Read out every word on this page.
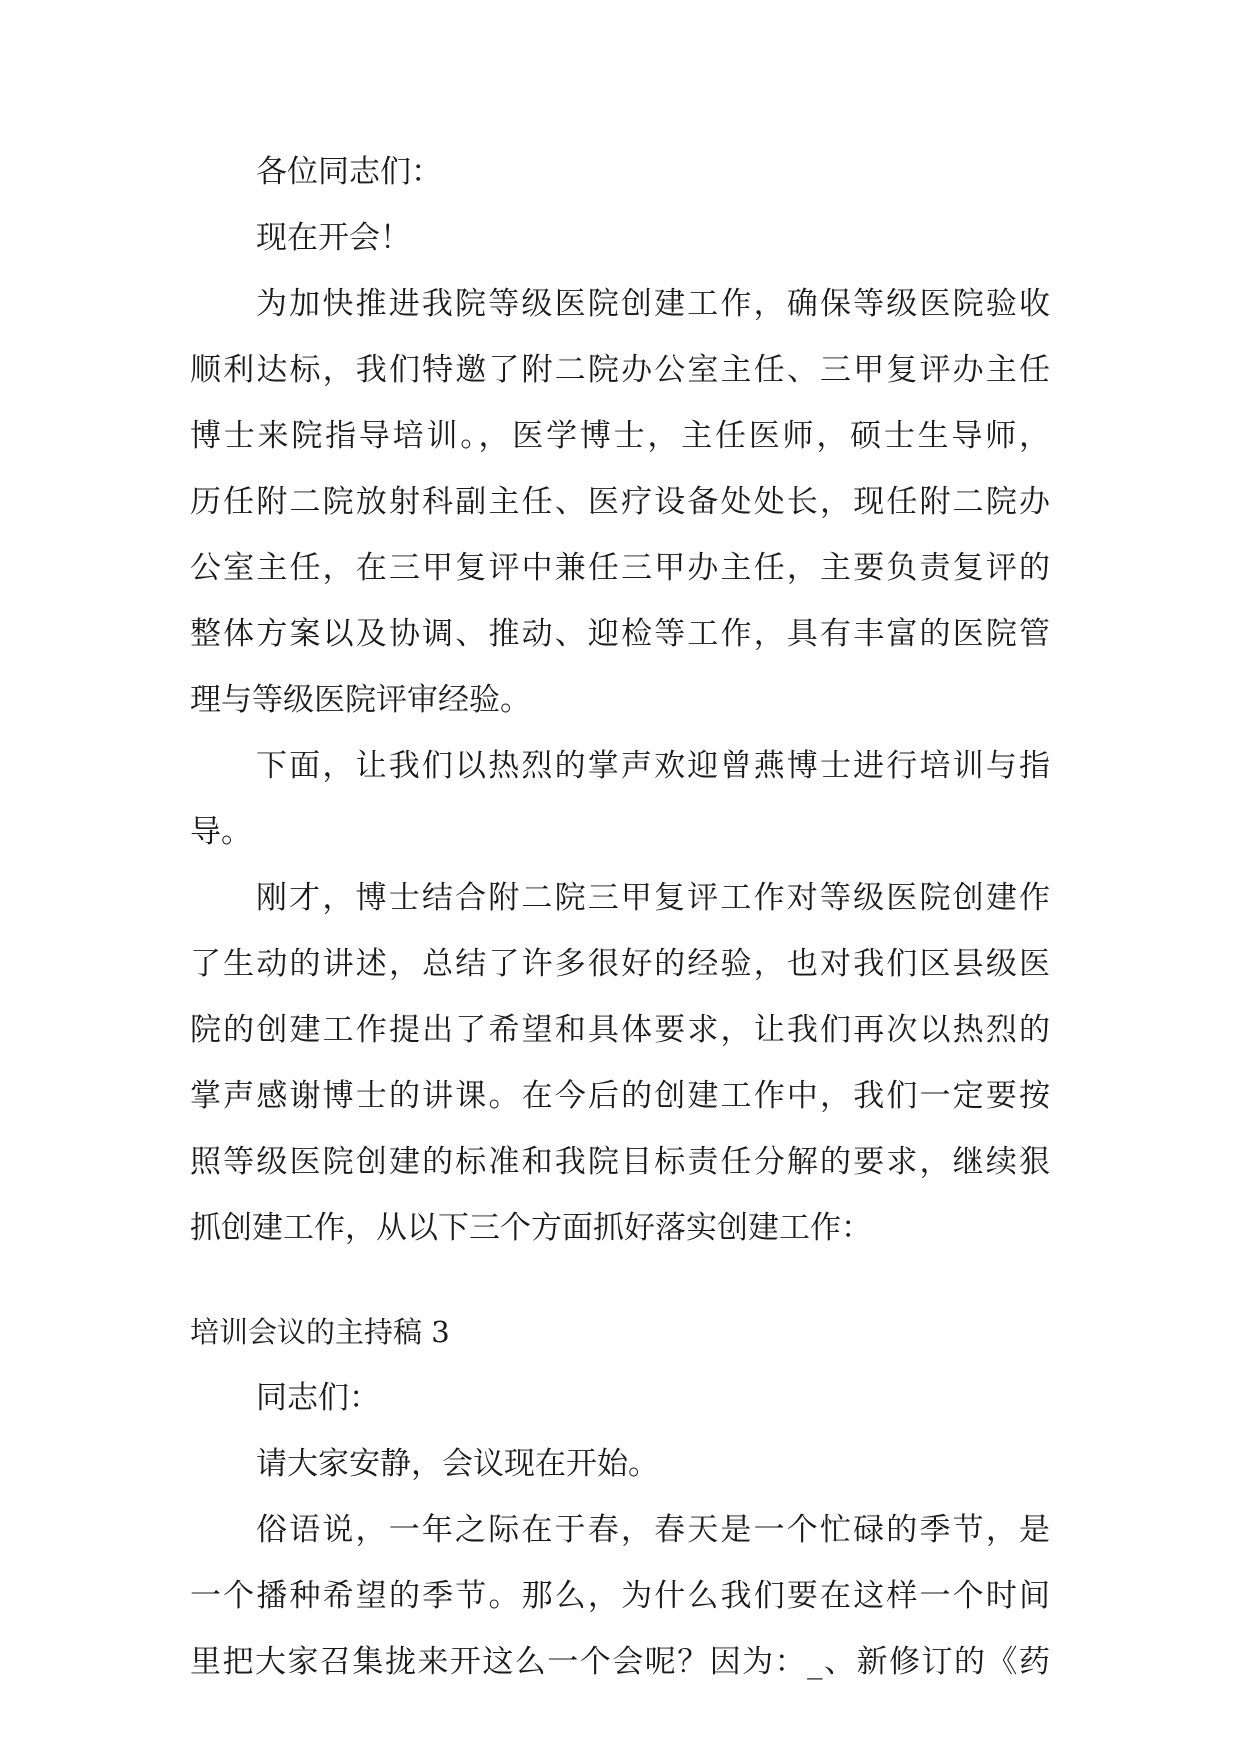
各位同志们：
现在开会！
为加快推进我院等级医院创建工作，确保等级医院验收
顺利达标，我们特邀了附二院办公室主任、三甲复评办主任
博士来院指导培训。，医学博士，主任医师，硕士生导师，
历任附二院放射科副主任、医疗设备处处长，现任附二院办
公室主任，在三甲复评中兼任三甲办主任，主要负责复评的
整体方案以及协调、推动、迎检等工作，具有丰富的医院管
理与等级医院评审经验。
下面，让我们以热烈的掌声欢迎曾燕博士进行培训与指
导。
刚才，博士结合附二院三甲复评工作对等级医院创建作
了生动的讲述，总结了许多很好的经验，也对我们区县级医
院的创建工作提出了希望和具体要求，让我们再次以热烈的
掌声感谢博士的讲课。在今后的创建工作中，我们一定要按
照等级医院创建的标准和我院目标责任分解的要求，继续狠
抓创建工作，从以下三个方面抓好落实创建工作：
培训会议的主持稿 3
同志们：
请大家安静，会议现在开始。
俗语说，一年之际在于春，春天是一个忙碌的季节，是
一个播种希望的季节。那么，为什么我们要在这样一个时间
里把大家召集拢来开这么一个会呢？因为：_、新修订的《药
